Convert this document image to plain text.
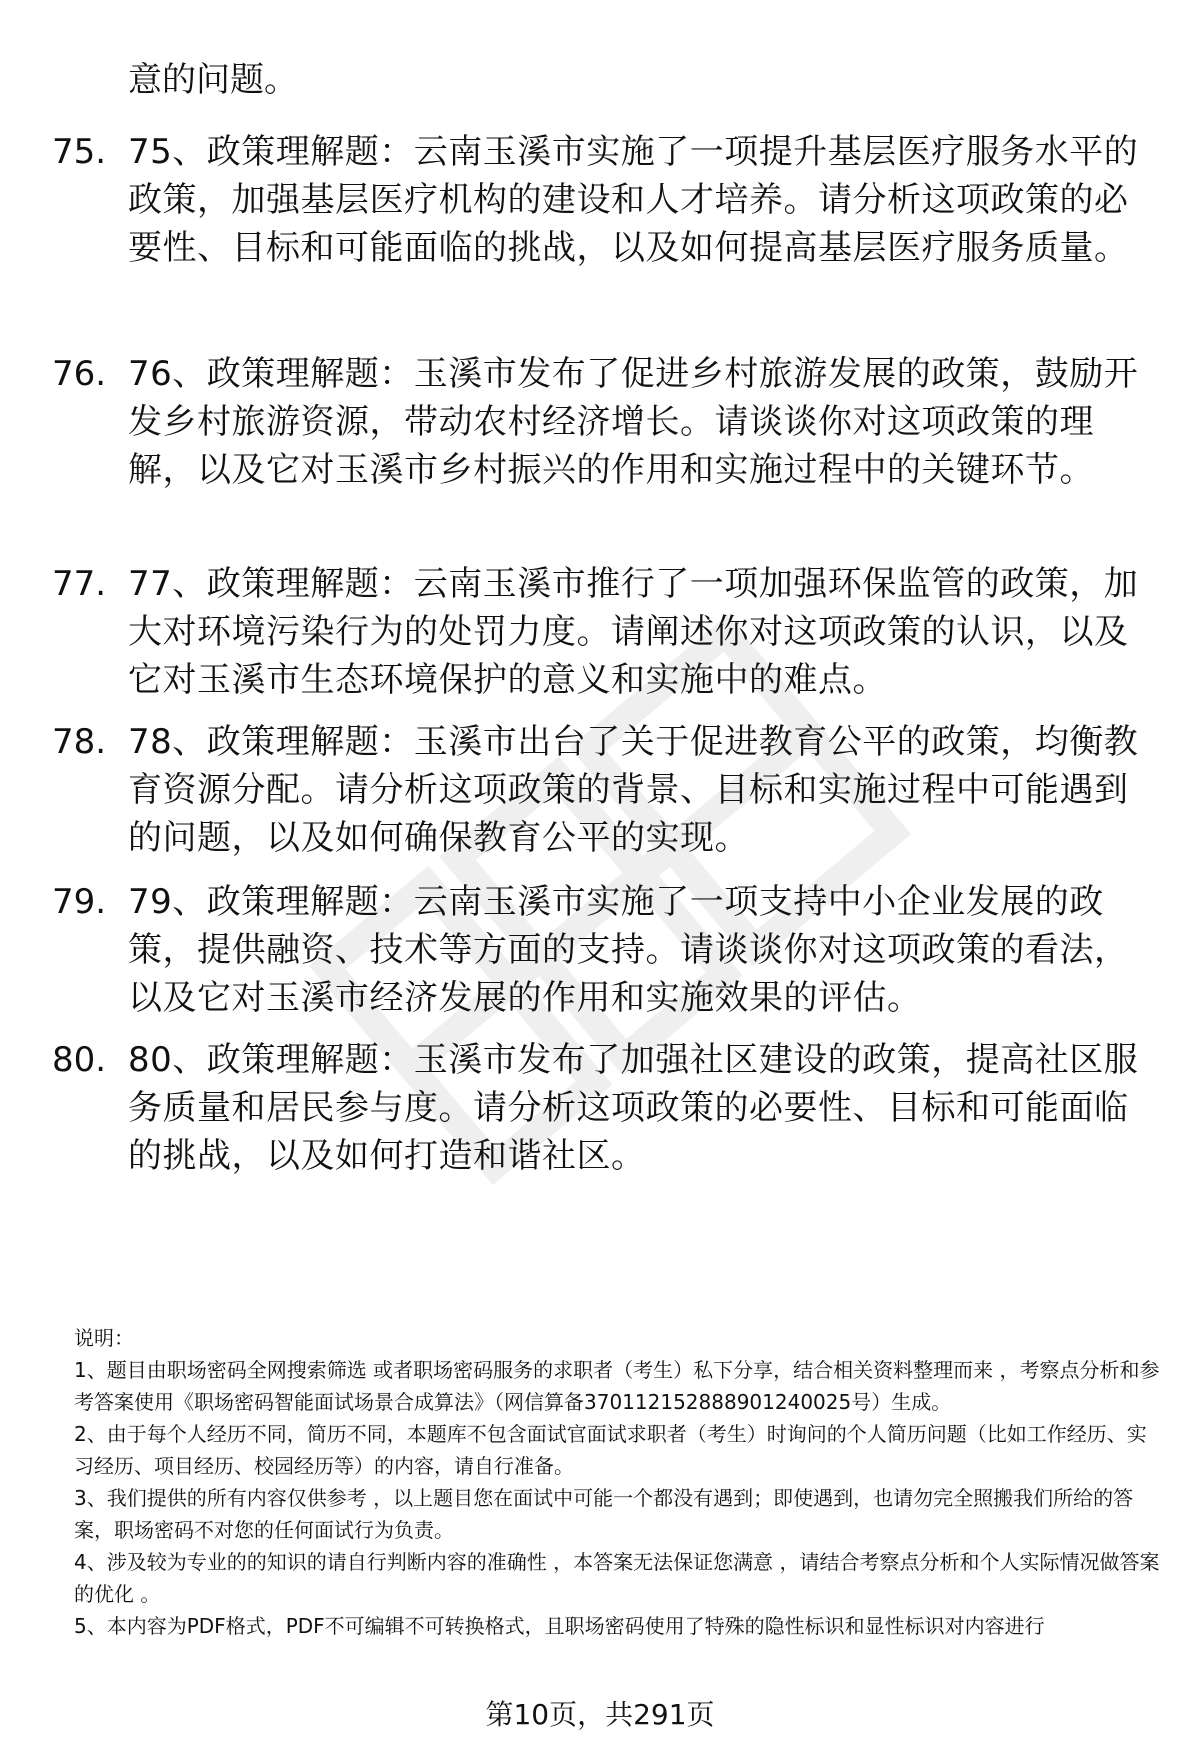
意的问题。
75. 75、政策理解题：云南玉溪市实施了一项提升基层医疗服务水平的政策，加强基层医疗机构的建设和人才培养。请分析这项政策的必要性、目标和可能面临的挑战，以及如何提高基层医疗服务质量。
76. 76、政策理解题：玉溪市发布了促进乡村旅游发展的政策，鼓励开发乡村旅游资源，带动农村经济增长。请谈谈你对这项政策的理解，以及它对玉溪市乡村振兴的作用和实施过程中的关键环节。
77. 77、政策理解题：云南玉溪市推行了一项加强环保监管的政策，加大对环境污染行为的处罚力度。请阐述你对这项政策的认识，以及它对玉溪市生态环境保护的意义和实施中的难点。
78. 78、政策理解题：玉溪市出台了关于促进教育公平的政策，均衡教育资源分配。请分析这项政策的背景、目标和实施过程中可能遇到的问题，以及如何确保教育公平的实现。
79. 79、政策理解题：云南玉溪市实施了一项支持中小企业发展的政策，提供融资、技术等方面的支持。请谈谈你对这项政策的看法，以及它对玉溪市经济发展的作用和实施效果的评估。
80. 80、政策理解题：玉溪市发布了加强社区建设的政策，提高社区服务质量和居民参与度。请分析这项政策的必要性、目标和可能面临的挑战，以及如何打造和谐社区。

说明：

1、题目由职场密码全网搜索筛选 或者职场密码服务的求职者（考生）私下分享，结合相关资料整理而来 ，考察点分析和参考答案使用《职场密码智能面试场景合成算法》（网信算备370112152888901240025号）生成。

2、由于每个人经历不同，简历不同，本题库不包含面试官面试求职者（考生）时询问的个人简历问题（比如工作经历、实习经历、项目经历、校园经历等）的内容，请自行准备。

3、我们提供的所有内容仅供参考 ，以上题目您在面试中可能一个都没有遇到；即使遇到，也请勿完全照搬我们所给的答案，职场密码不对您的任何面试行为负责。

4、涉及较为专业的的知识的请自行判断内容的准确性 ，本答案无法保证您满意 ，请结合考察点分析和个人实际情况做答案的优化 。

5、本内容为PDF格式，PDF不可编辑不可转换格式，且职场密码使用了特殊的隐性标识和显性标识对内容进行

第10页，共291页
